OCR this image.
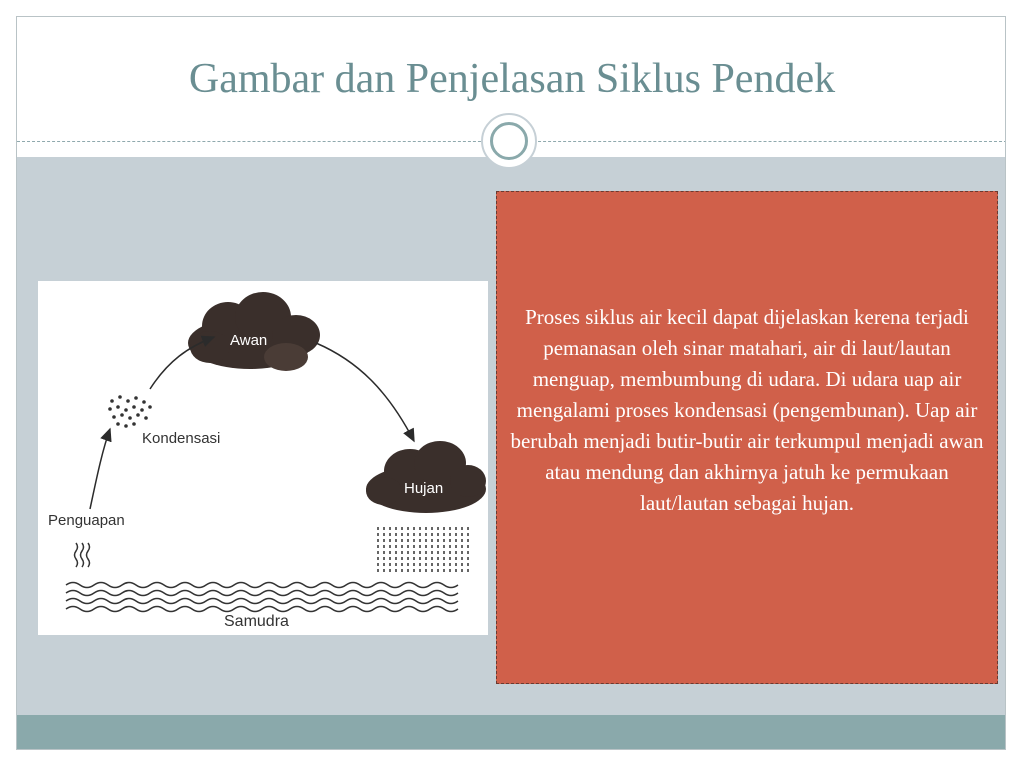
Gambar dan Penjelasan Siklus Pendek
Awan
Hujan
Kondensasi
Penguapan
Samudra

Proses siklus air kecil dapat dijelaskan kerena terjadi pemanasan oleh sinar matahari, air di laut/lautan menguap, membumbung di udara. Di udara uap air mengalami proses kondensasi (pengembunan). Uap air berubah menjadi butir-butir air terkumpul menjadi awan atau mendung dan akhirnya jatuh ke permukaan laut/lautan sebagai hujan.
